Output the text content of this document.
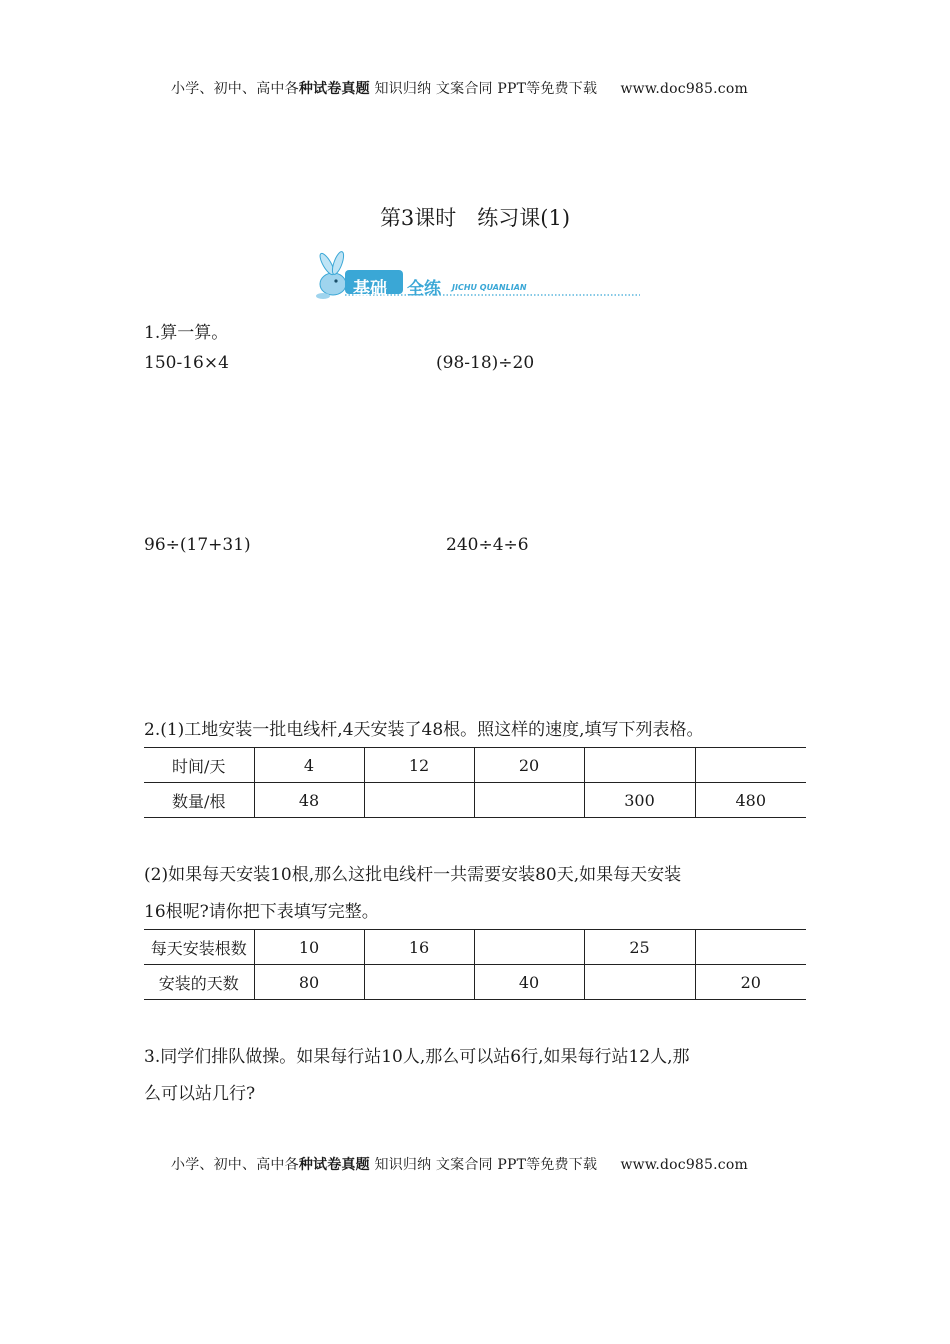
小学、初中、高中各种试卷真题 知识归纳 文案合同 PPT等免费下载 www.doc985.com
第3课时　练习课(1)
基础 全练 JICHU QUANLIAN
1.算一算。
150-16×4	(98-18)÷20
96÷(17+31)	240÷4÷6
2.(1)工地安装一批电线杆,4天安装了48根。照这样的速度,填写下列表格。
时间/天	4	12	20		
数量/根	48			300	480
(2)如果每天安装10根,那么这批电线杆一共需要安装80天,如果每天安装
16根呢?请你把下表填写完整。
每天安装根数	10	16		25	
安装的天数	80		40		20
3.同学们排队做操。如果每行站10人,那么可以站6行,如果每行站12人,那
么可以站几行?
小学、初中、高中各种试卷真题 知识归纳 文案合同 PPT等免费下载 www.doc985.com
